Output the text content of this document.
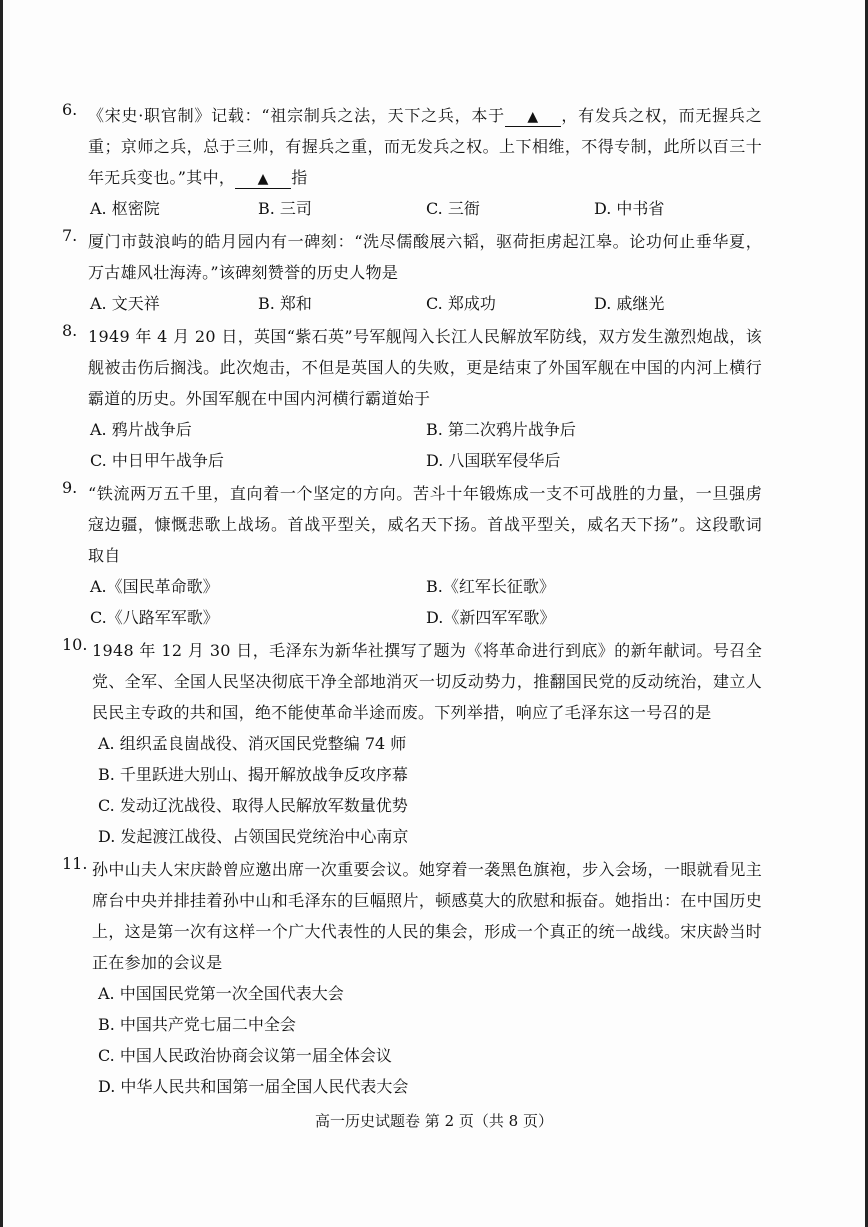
6. 《宋史·职官制》记载：“祖宗制兵之法，天下之兵，本于 ▲ ，有发兵之权，而无握兵之重；京师之兵，总于三帅，有握兵之重，而无发兵之权。上下相维，不得专制，此所以百三十年无兵变也。”其中， ▲ 指
A. 枢密院	B. 三司	C. 三衙	D. 中书省
7. 厦门市鼓浪屿的皓月园内有一碑刻：“洗尽儒酸展六韬，驱荷拒虏起江皋。论功何止垂华夏，万古雄风壮海涛。”该碑刻赞誉的历史人物是
A. 文天祥	B. 郑和	C. 郑成功	D. 戚继光
8. 1949 年 4 月 20 日，英国“紫石英”号军舰闯入长江人民解放军防线，双方发生激烈炮战，该舰被击伤后搁浅。此次炮击，不但是英国人的失败，更是结束了外国军舰在中国的内河上横行霸道的历史。外国军舰在中国内河横行霸道始于
A. 鸦片战争后	B. 第二次鸦片战争后
C. 中日甲午战争后	D. 八国联军侵华后
9. “铁流两万五千里，直向着一个坚定的方向。苦斗十年锻炼成一支不可战胜的力量，一旦强虏寇边疆，慷慨悲歌上战场。首战平型关，威名天下扬。首战平型关，威名天下扬”。这段歌词取自
A.《国民革命歌》	B.《红军长征歌》
C.《八路军军歌》	D.《新四军军歌》
10. 1948 年 12 月 30 日，毛泽东为新华社撰写了题为《将革命进行到底》的新年献词。号召全党、全军、全国人民坚决彻底干净全部地消灭一切反动势力，推翻国民党的反动统治，建立人民民主专政的共和国，绝不能使革命半途而废。下列举措，响应了毛泽东这一号召的是
A. 组织孟良崮战役、消灭国民党整编 74 师
B. 千里跃进大别山、揭开解放战争反攻序幕
C. 发动辽沈战役、取得人民解放军数量优势
D. 发起渡江战役、占领国民党统治中心南京
11. 孙中山夫人宋庆龄曾应邀出席一次重要会议。她穿着一袭黑色旗袍，步入会场，一眼就看见主席台中央并排挂着孙中山和毛泽东的巨幅照片，顿感莫大的欣慰和振奋。她指出：在中国历史上，这是第一次有这样一个广大代表性的人民的集会，形成一个真正的统一战线。宋庆龄当时正在参加的会议是
A. 中国国民党第一次全国代表大会
B. 中国共产党七届二中全会
C. 中国人民政治协商会议第一届全体会议
D. 中华人民共和国第一届全国人民代表大会
高一历史试题卷 第 2 页（共 8 页）
